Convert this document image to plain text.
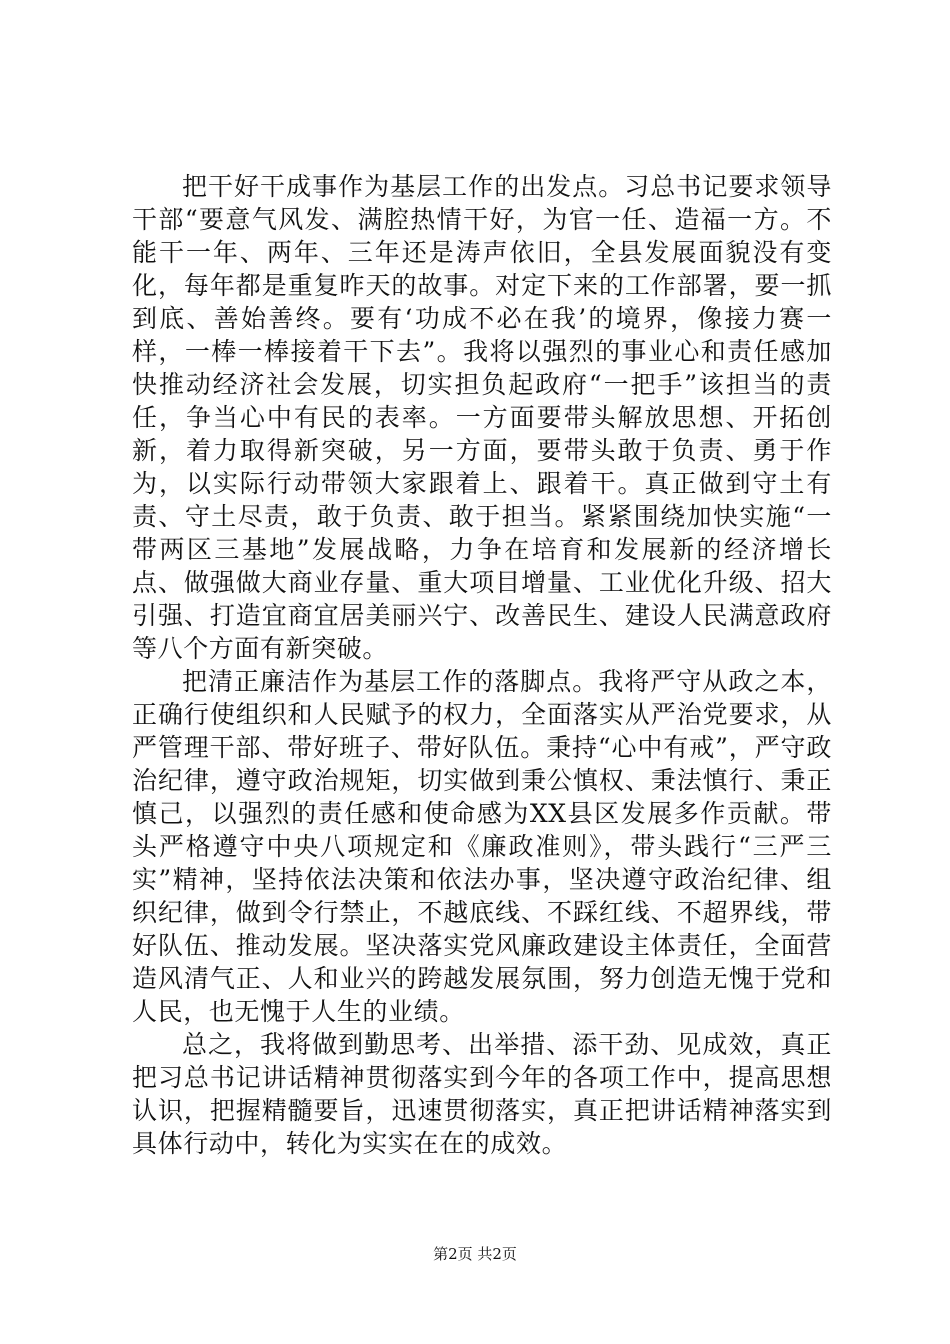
把干好干成事作为基层工作的出发点。习总书记要求领导干部“要意气风发、满腔热情干好，为官一任、造福一方。不能干一年、两年、三年还是涛声依旧，全县发展面貌没有变化，每年都是重复昨天的故事。对定下来的工作部署，要一抓到底、善始善终。要有‘功成不必在我’的境界，像接力赛一样，一棒一棒接着干下去”。我将以强烈的事业心和责任感加快推动经济社会发展，切实担负起政府“一把手”该担当的责任，争当心中有民的表率。一方面要带头解放思想、开拓创新，着力取得新突破，另一方面，要带头敢于负责、勇于作为，以实际行动带领大家跟着上、跟着干。真正做到守土有责、守土尽责，敢于负责、敢于担当。紧紧围绕加快实施“一带两区三基地”发展战略，力争在培育和发展新的经济增长点、做强做大商业存量、重大项目增量、工业优化升级、招大引强、打造宜商宜居美丽兴宁、改善民生、建设人民满意政府等八个方面有新突破。

把清正廉洁作为基层工作的落脚点。我将严守从政之本，正确行使组织和人民赋予的权力，全面落实从严治党要求，从严管理干部、带好班子、带好队伍。秉持“心中有戒”，严守政治纪律，遵守政治规矩，切实做到秉公慎权、秉法慎行、秉正慎己，以强烈的责任感和使命感为XX县区发展多作贡献。带头严格遵守中央八项规定和《廉政准则》，带头践行“三严三实”精神，坚持依法决策和依法办事，坚决遵守政治纪律、组织纪律，做到令行禁止，不越底线、不踩红线、不超界线，带好队伍、推动发展。坚决落实党风廉政建设主体责任，全面营造风清气正、人和业兴的跨越发展氛围，努力创造无愧于党和人民，也无愧于人生的业绩。

总之，我将做到勤思考、出举措、添干劲、见成效，真正把习总书记讲话精神贯彻落实到今年的各项工作中，提高思想认识，把握精髓要旨，迅速贯彻落实，真正把讲话精神落实到具体行动中，转化为实实在在的成效。

第2页 共2页
